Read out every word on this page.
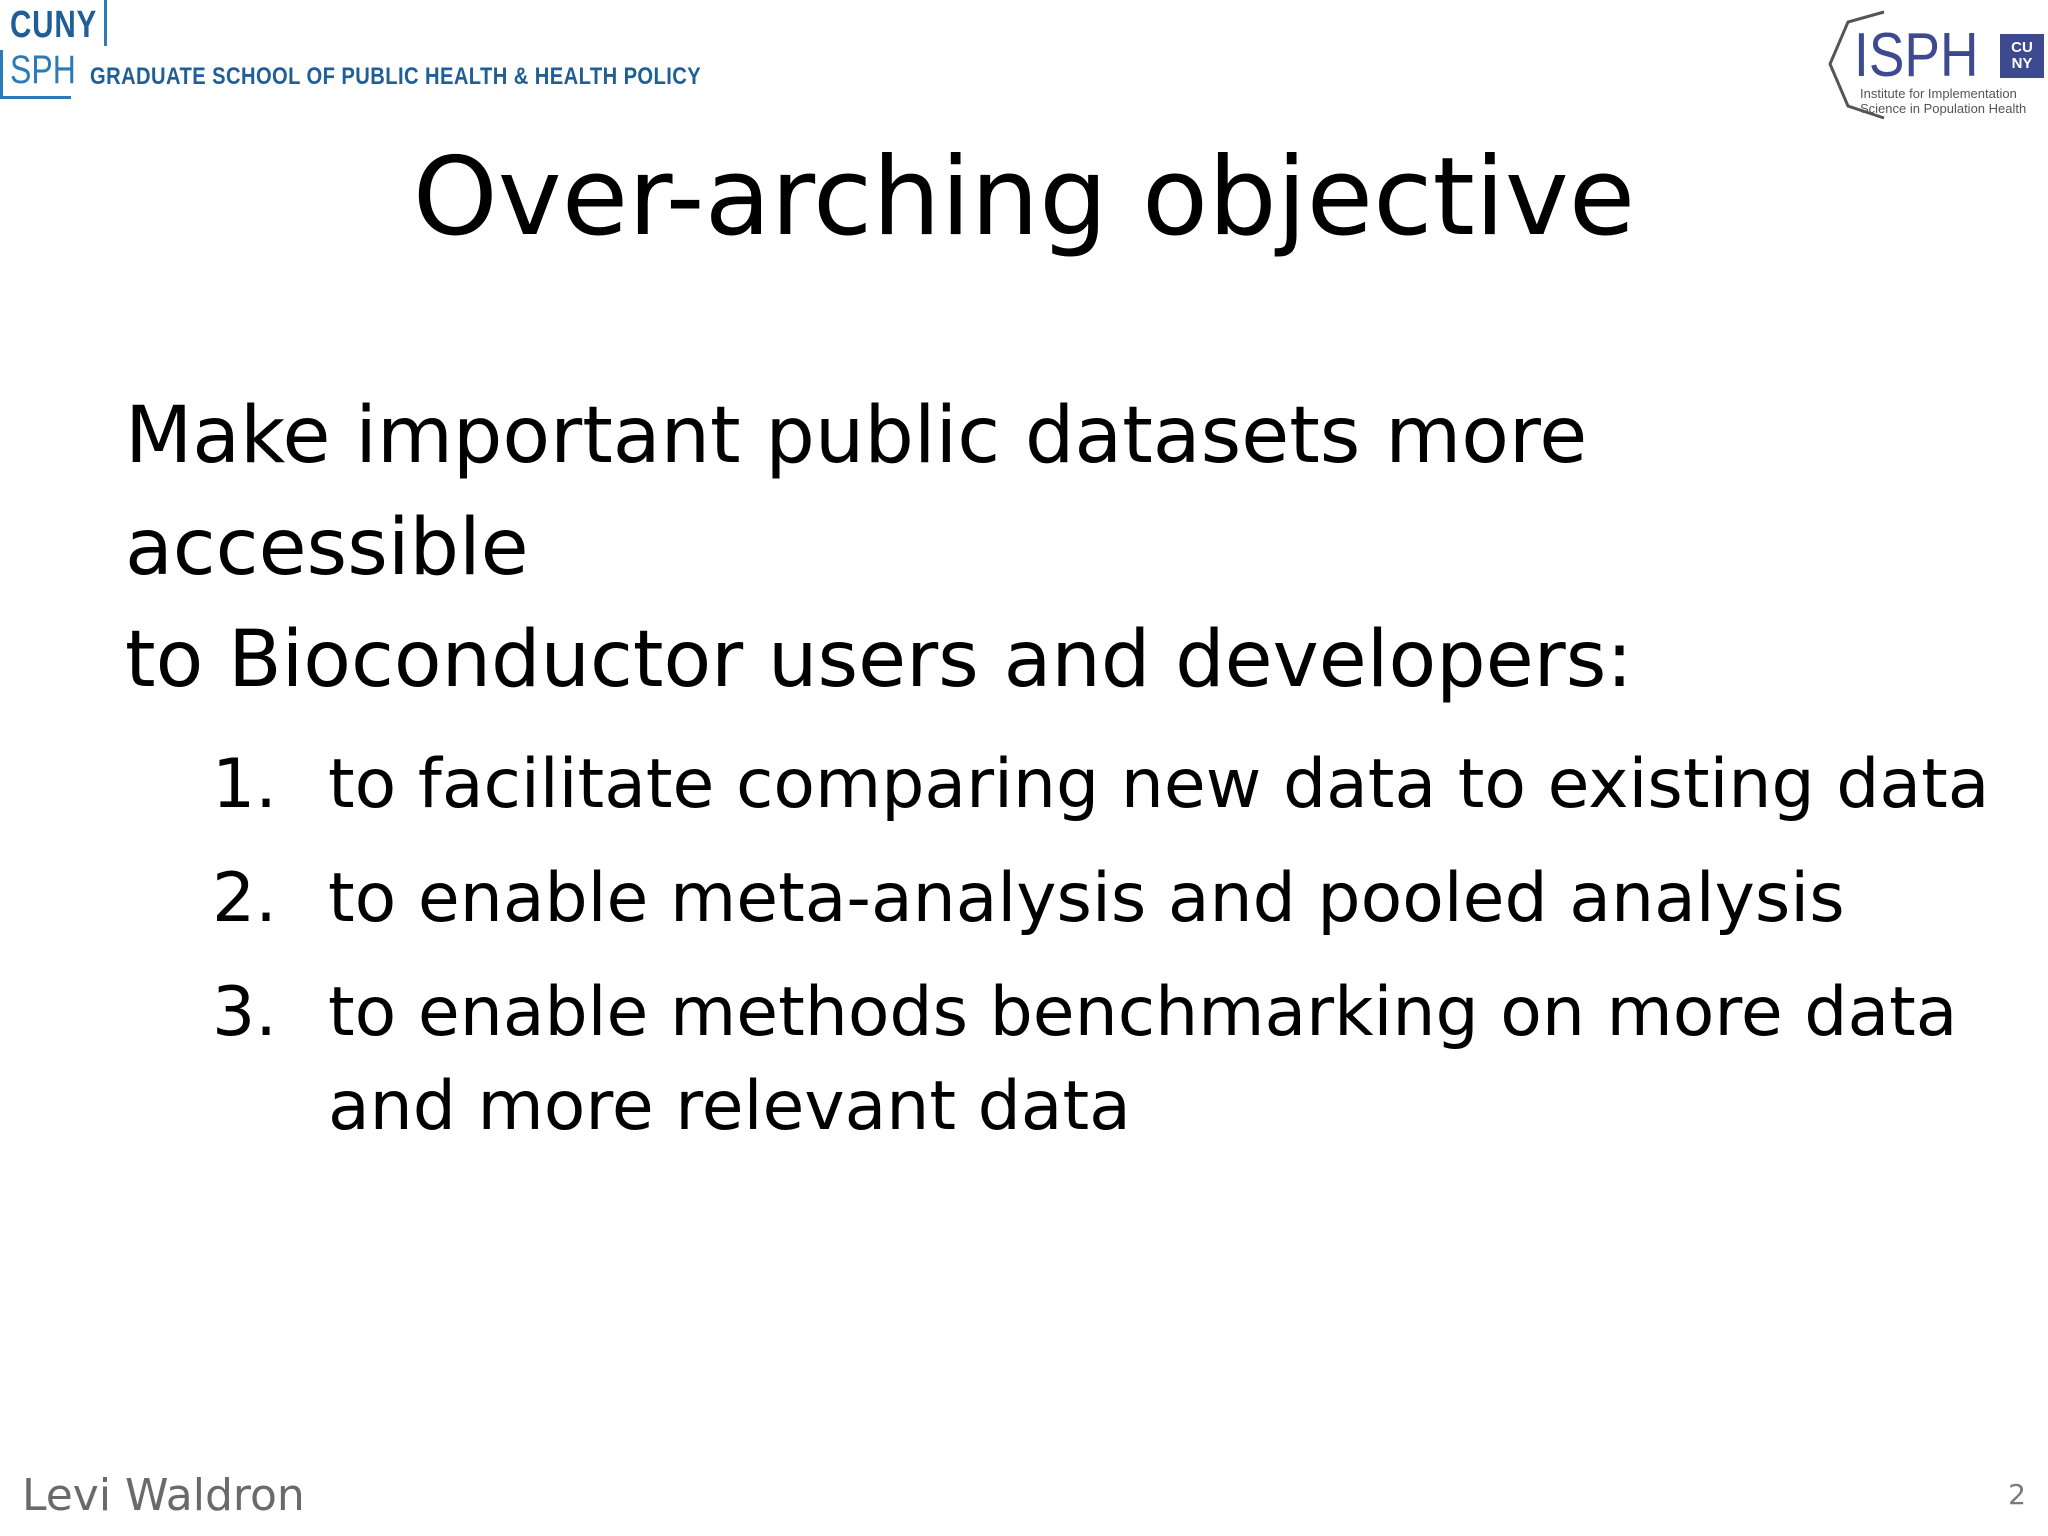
CUNY
SPH GRADUATE SCHOOL OF PUBLIC HEALTH & HEALTH POLICY	ISPH	CU NY
Institute for Implementation
Science in Population Health
Over-arching objective
Make important public datasets more accessible
to Bioconductor users and developers:
1. to facilitate comparing new data to existing data
2. to enable meta-analysis and pooled analysis
3. to enable methods benchmarking on more data
and more relevant data
Levi Waldron	2
